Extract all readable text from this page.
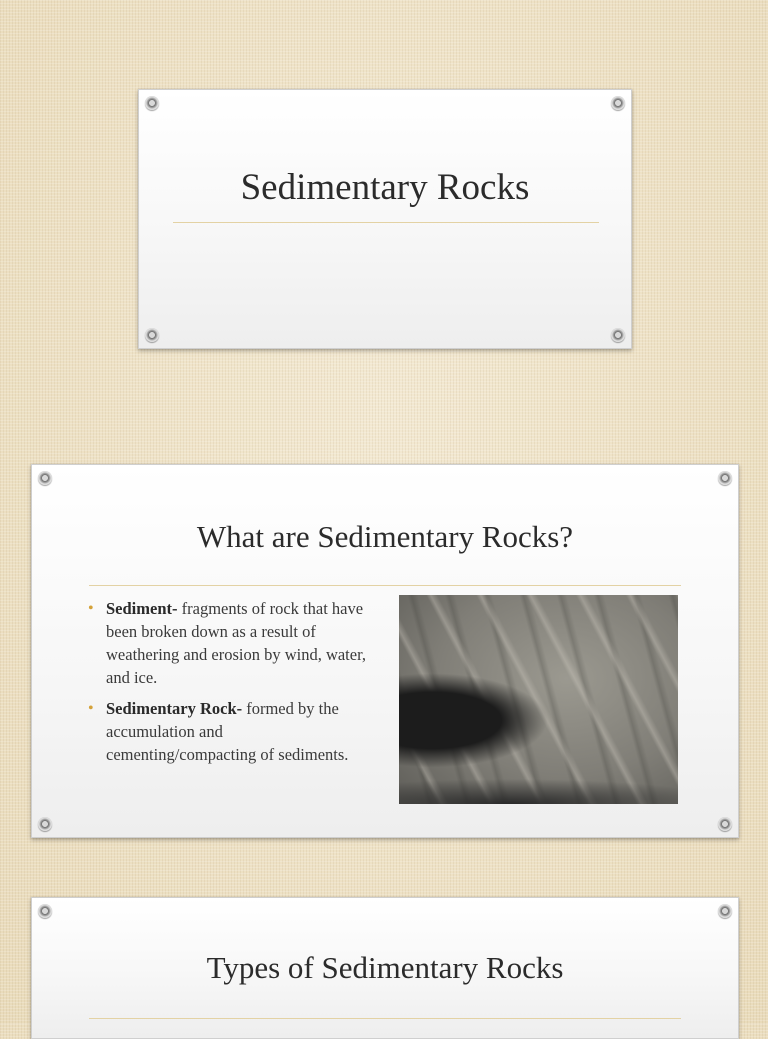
Sedimentary Rocks
What are Sedimentary Rocks?
• Sediment- fragments of rock that have been broken down as a result of weathering and erosion by wind, water, and ice.
• Sedimentary Rock- formed by the accumulation and cementing/compacting of sediments.
Types of Sedimentary Rocks
